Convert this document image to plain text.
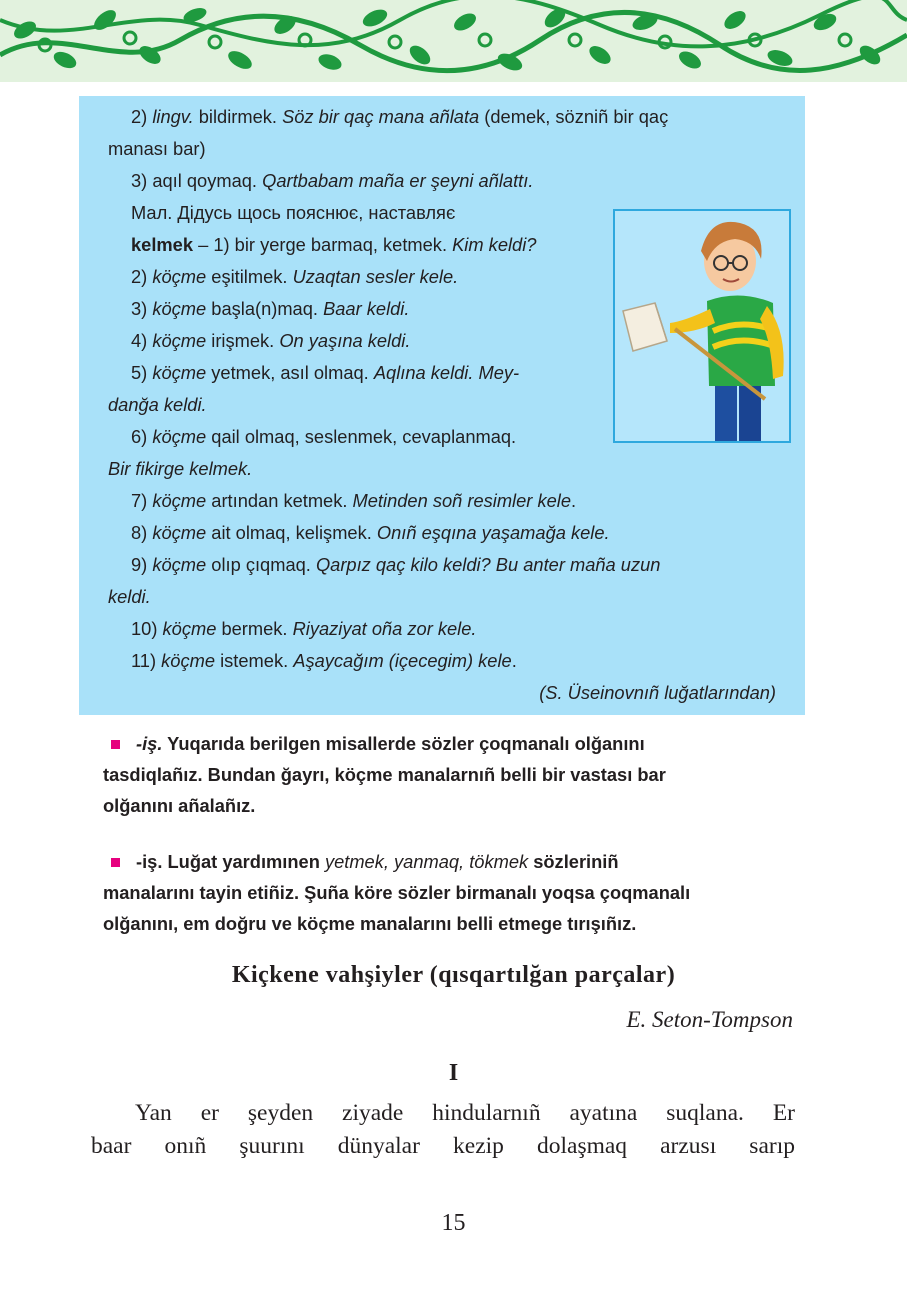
2) lingv. bildirmek. Söz bir qaç mana añlata (demek, sözniñ bir qaç
manası bar)
3) aqıl qoymaq. Qartbabam maña er şeyni añlattı.
Мал. Дідусь щось пояснює, наставляє
kelmek – 1) bir yerge barmaq, ketmek. Kim keldi?
2) köçme eşitilmek. Uzaqtan sesler kele.
3) köçme başla(n)maq. Baar keldi.
4) köçme irişmek. On yaşına keldi.
5) köçme yetmek, asıl olmaq. Aqlına keldi. Mey-
danğa keldi.
6) köçme qail olmaq, seslenmek, cevaplanmaq.
Bir fikirge kelmek.
7) köçme artından ketmek. Metinden soñ resimler kele.
8) köçme ait olmaq, kelişmek. Onıñ eşqına yaşamağa kele.
9) köçme olıp çıqmaq. Qarpız qaç kilo keldi? Bu anter maña uzun
keldi.
10) köçme bermek. Riyaziyat oña zor kele.
11) köçme istemek. Aşaycağım (içecegim) kele.
(S. Üseinovnıñ luğatlarından)
-iş. Yuqarıda berilgen misallerde sözler çoqmanalı olğanını
tasdiqlañız. Bundan ğayrı, köçme manalarnıñ belli bir vastası bar
olğanını añalañız.
-iş. Luğat yardımınen yetmek, yanmaq, tökmek sözleriniñ
manalarını tayin etiñiz. Şuña köre sözler birmanalı yoqsa çoqmanalı
olğanını, em doğru ve köçme manalarını belli etmege tırışıñız.
Kiçkene vahşiyler (qısqartılğan parçalar)
E. Seton-Tompson
I
Yan er şeyden ziyade hindularnıñ ayatına suqlana. Er
baar onıñ şuurını dünyalar kezip dolaşmaq arzusı sarıp
15
